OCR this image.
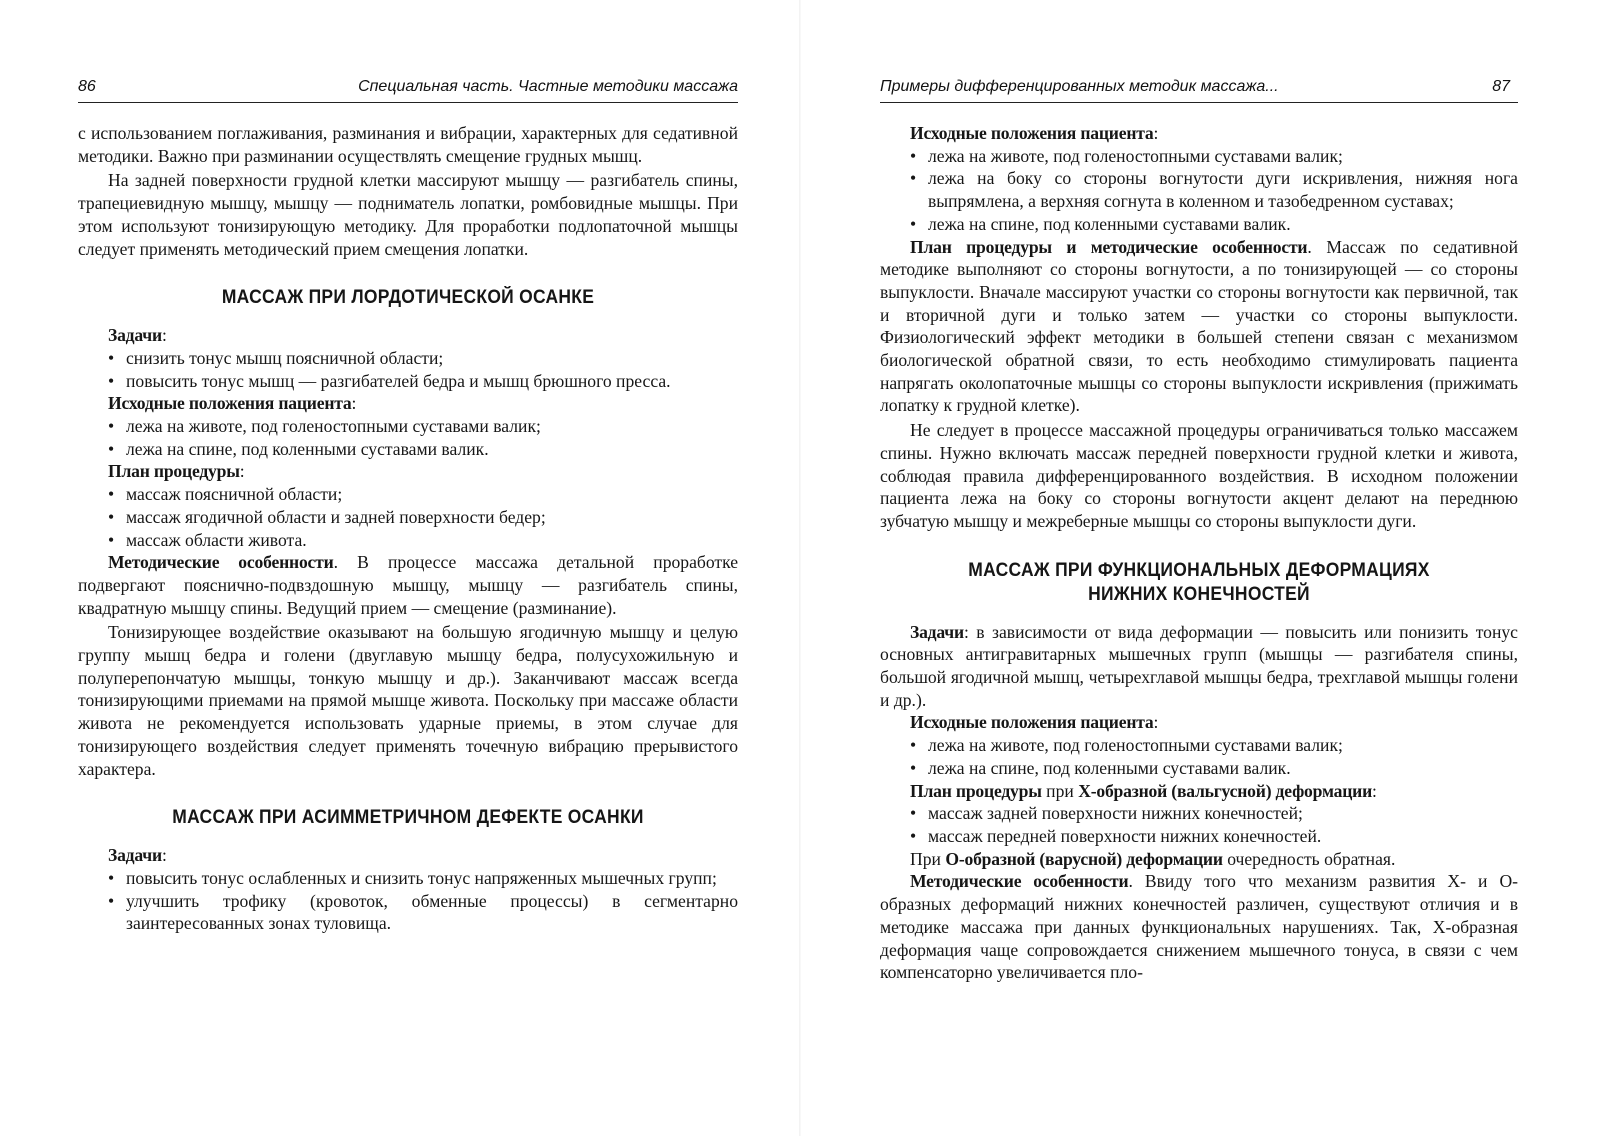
86	Специальная часть. Частные методики массажа

с использованием поглаживания, разминания и вибрации, характерных для седативной методики. Важно при разминании осуществлять смещение грудных мышц.

На задней поверхности грудной клетки массируют мышцу — разгибатель спины, трапециевидную мышцу, мышцу — подниматель лопатки, ромбовидные мышцы. При этом используют тонизирующую методику. Для проработки подлопаточной мышцы следует применять методический прием смещения лопатки.

МАССАЖ ПРИ ЛОРДОТИЧЕСКОЙ ОСАНКЕ

Задачи:

• снизить тонус мышц поясничной области;
• повысить тонус мышц — разгибателей бедра и мышц брюшного пресса.

Исходные положения пациента:

• лежа на животе, под голеностопными суставами валик;
• лежа на спине, под коленными суставами валик.

План процедуры:

• массаж поясничной области;
• массаж ягодичной области и задней поверхности бедер;
• массаж области живота.

Методические особенности. В процессе массажа детальной проработке подвергают пояснично-подвздошную мышцу, мышцу — разгибатель спины, квадратную мышцу спины. Ведущий прием — смещение (разминание).

Тонизирующее воздействие оказывают на большую ягодичную мышцу и целую группу мышц бедра и голени (двуглавую мышцу бедра, полусухожильную и полуперепончатую мышцы, тонкую мышцу и др.). Заканчивают массаж всегда тонизирующими приемами на прямой мышце живота. Поскольку при массаже области живота не рекомендуется использовать ударные приемы, в этом случае для тонизирующего воздействия следует применять точечную вибрацию прерывистого характера.

МАССАЖ ПРИ АСИММЕТРИЧНОМ ДЕФЕКТЕ ОСАНКИ

Задачи:

• повысить тонус ослабленных и снизить тонус напряженных мышечных групп;
• улучшить трофику (кровоток, обменные процессы) в сегментарно заинтересованных зонах туловища.
Примеры дифференцированных методик массажа...	87

Исходные положения пациента:

• лежа на животе, под голеностопными суставами валик;
• лежа на боку со стороны вогнутости дуги искривления, нижняя нога выпрямлена, а верхняя согнута в коленном и тазобедренном суставах;
• лежа на спине, под коленными суставами валик.

План процедуры и методические особенности. Массаж по седативной методике выполняют со стороны вогнутости, а по тонизирующей — со стороны выпуклости. Вначале массируют участки со стороны вогнутости как первичной, так и вторичной дуги и только затем — участки со стороны выпуклости. Физиологический эффект методики в большей степени связан с механизмом биологической обратной связи, то есть необходимо стимулировать пациента напрягать околопаточные мышцы со стороны выпуклости искривления (прижимать лопатку к грудной клетке).

Не следует в процессе массажной процедуры ограничиваться только массажем спины. Нужно включать массаж передней поверхности грудной клетки и живота, соблюдая правила дифференцированного воздействия. В исходном положении пациента лежа на боку со стороны вогнутости акцент делают на переднюю зубчатую мышцу и межреберные мышцы со стороны выпуклости дуги.

МАССАЖ ПРИ ФУНКЦИОНАЛЬНЫХ ДЕФОРМАЦИЯХ
НИЖНИХ КОНЕЧНОСТЕЙ

Задачи: в зависимости от вида деформации — повысить или понизить тонус основных антигравитарных мышечных групп (мышцы — разгибателя спины, большой ягодичной мышц, четырехглавой мышцы бедра, трехглавой мышцы голени и др.).

Исходные положения пациента:

• лежа на животе, под голеностопными суставами валик;
• лежа на спине, под коленными суставами валик.

План процедуры при Х-образной (вальгусной) деформации:

• массаж задней поверхности нижних конечностей;
• массаж передней поверхности нижних конечностей.

При О-образной (варусной) деформации очередность обратная.

Методические особенности. Ввиду того что механизм развития Х- и О-образных деформаций нижних конечностей различен, существуют отличия и в методике массажа при данных функциональных нарушениях. Так, Х-образная деформация чаще сопровождается снижением мышечного тонуса, в связи с чем компенсаторно увеличивается пло-
